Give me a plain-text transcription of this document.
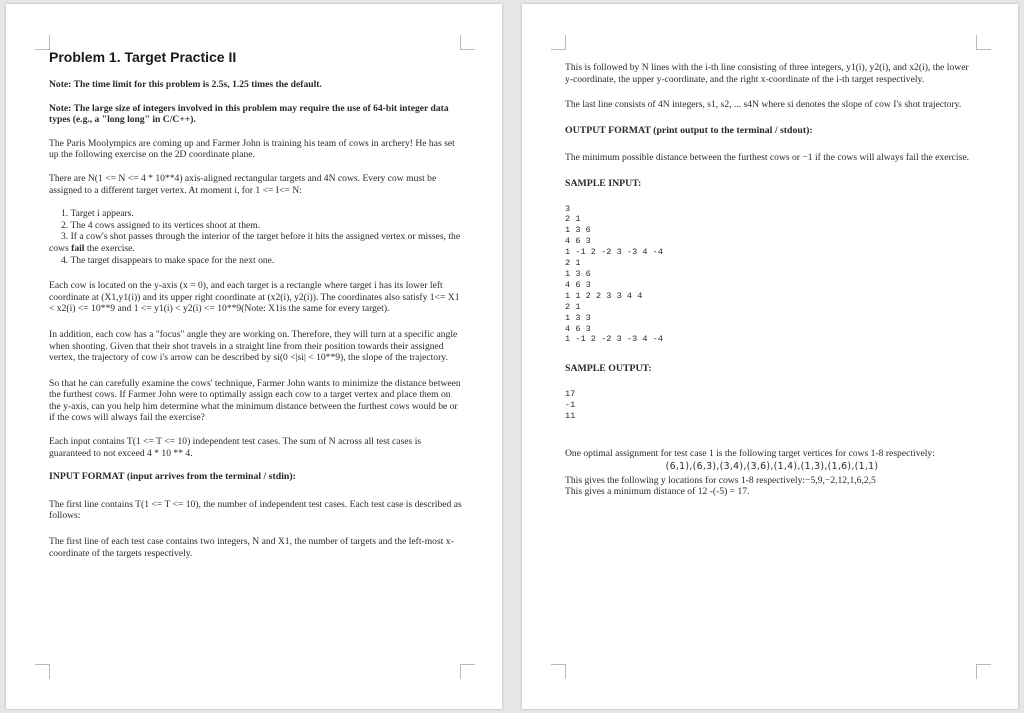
Problem 1. Target Practice II

Note: The time limit for this problem is 2.5s, 1.25 times the default.

Note: The large size of integers involved in this problem may require the use of 64-bit integer data types (e.g., a "long long" in C/C++).

The Paris Moolympics are coming up and Farmer John is training his team of cows in archery! He has set up the following exercise on the 2D coordinate plane.

There are N(1 <= N <= 4 * 10**4) axis-aligned rectangular targets and 4N cows. Every cow must be assigned to a different target vertex. At moment i, for 1 <= I<= N:

1. Target i appears.
2. The 4 cows assigned to its vertices shoot at them.
3. If a cow's shot passes through the interior of the target before it hits the assigned vertex or misses, the cows fail the exercise.
4. The target disappears to make space for the next one.

Each cow is located on the y-axis (x = 0), and each target is a rectangle where target i has its lower left coordinate at (X1,y1(i)) and its upper right coordinate at (x2(i), y2(i)). The coordinates also satisfy 1<= X1 < x2(i) <= 10**9 and 1 <= y1(i) < y2(i) <= 10**9(Note: X1is the same for every target).

In addition, each cow has a "focus" angle they are working on. Therefore, they will turn at a specific angle when shooting. Given that their shot travels in a straight line from their position towards their assigned vertex, the trajectory of cow i's arrow can be described by si(0 <|si| < 10**9), the slope of the trajectory.

So that he can carefully examine the cows' technique, Farmer John wants to minimize the distance between the furthest cows. If Farmer John were to optimally assign each cow to a target vertex and place them on the y-axis, can you help him determine what the minimum distance between the furthest cows would be or if the cows will always fail the exercise?

Each input contains T(1 <= T <= 10) independent test cases. The sum of N across all test cases is guaranteed to not exceed 4 * 10 ** 4.

INPUT FORMAT (input arrives from the terminal / stdin):

The first line contains T(1 <= T <= 10), the number of independent test cases. Each test case is described as follows:

The first line of each test case contains two integers, N and X1, the number of targets and the left-most x-coordinate of the targets respectively.

This is followed by N lines with the i-th line consisting of three integers, y1(i), y2(i), and x2(i), the lower y-coordinate, the upper y-coordinate, and the right x-coordinate of the i-th target respectively.

The last line consists of 4N integers, s1, s2, ... s4N where si denotes the slope of cow I's shot trajectory.

OUTPUT FORMAT (print output to the terminal / stdout):

The minimum possible distance between the furthest cows or −1 if the cows will always fail the exercise.

SAMPLE INPUT:

3
2 1
1 3 6
4 6 3
1 -1 2 -2 3 -3 4 -4
2 1
1 3 6
4 6 3
1 1 2 2 3 3 4 4
2 1
1 3 3
4 6 3
1 -1 2 -2 3 -3 4 -4

SAMPLE OUTPUT:

17
-1
11

One optimal assignment for test case 1 is the following target vertices for cows 1-8 respectively:

(6,1),(6,3),(3,4),(3,6),(1,4),(1,3),(1,6),(1,1)

This gives the following y locations for cows 1-8 respectively:−5,9,−2,12,1,6,2,5

This gives a minimum distance of 12 -(-5) = 17.
